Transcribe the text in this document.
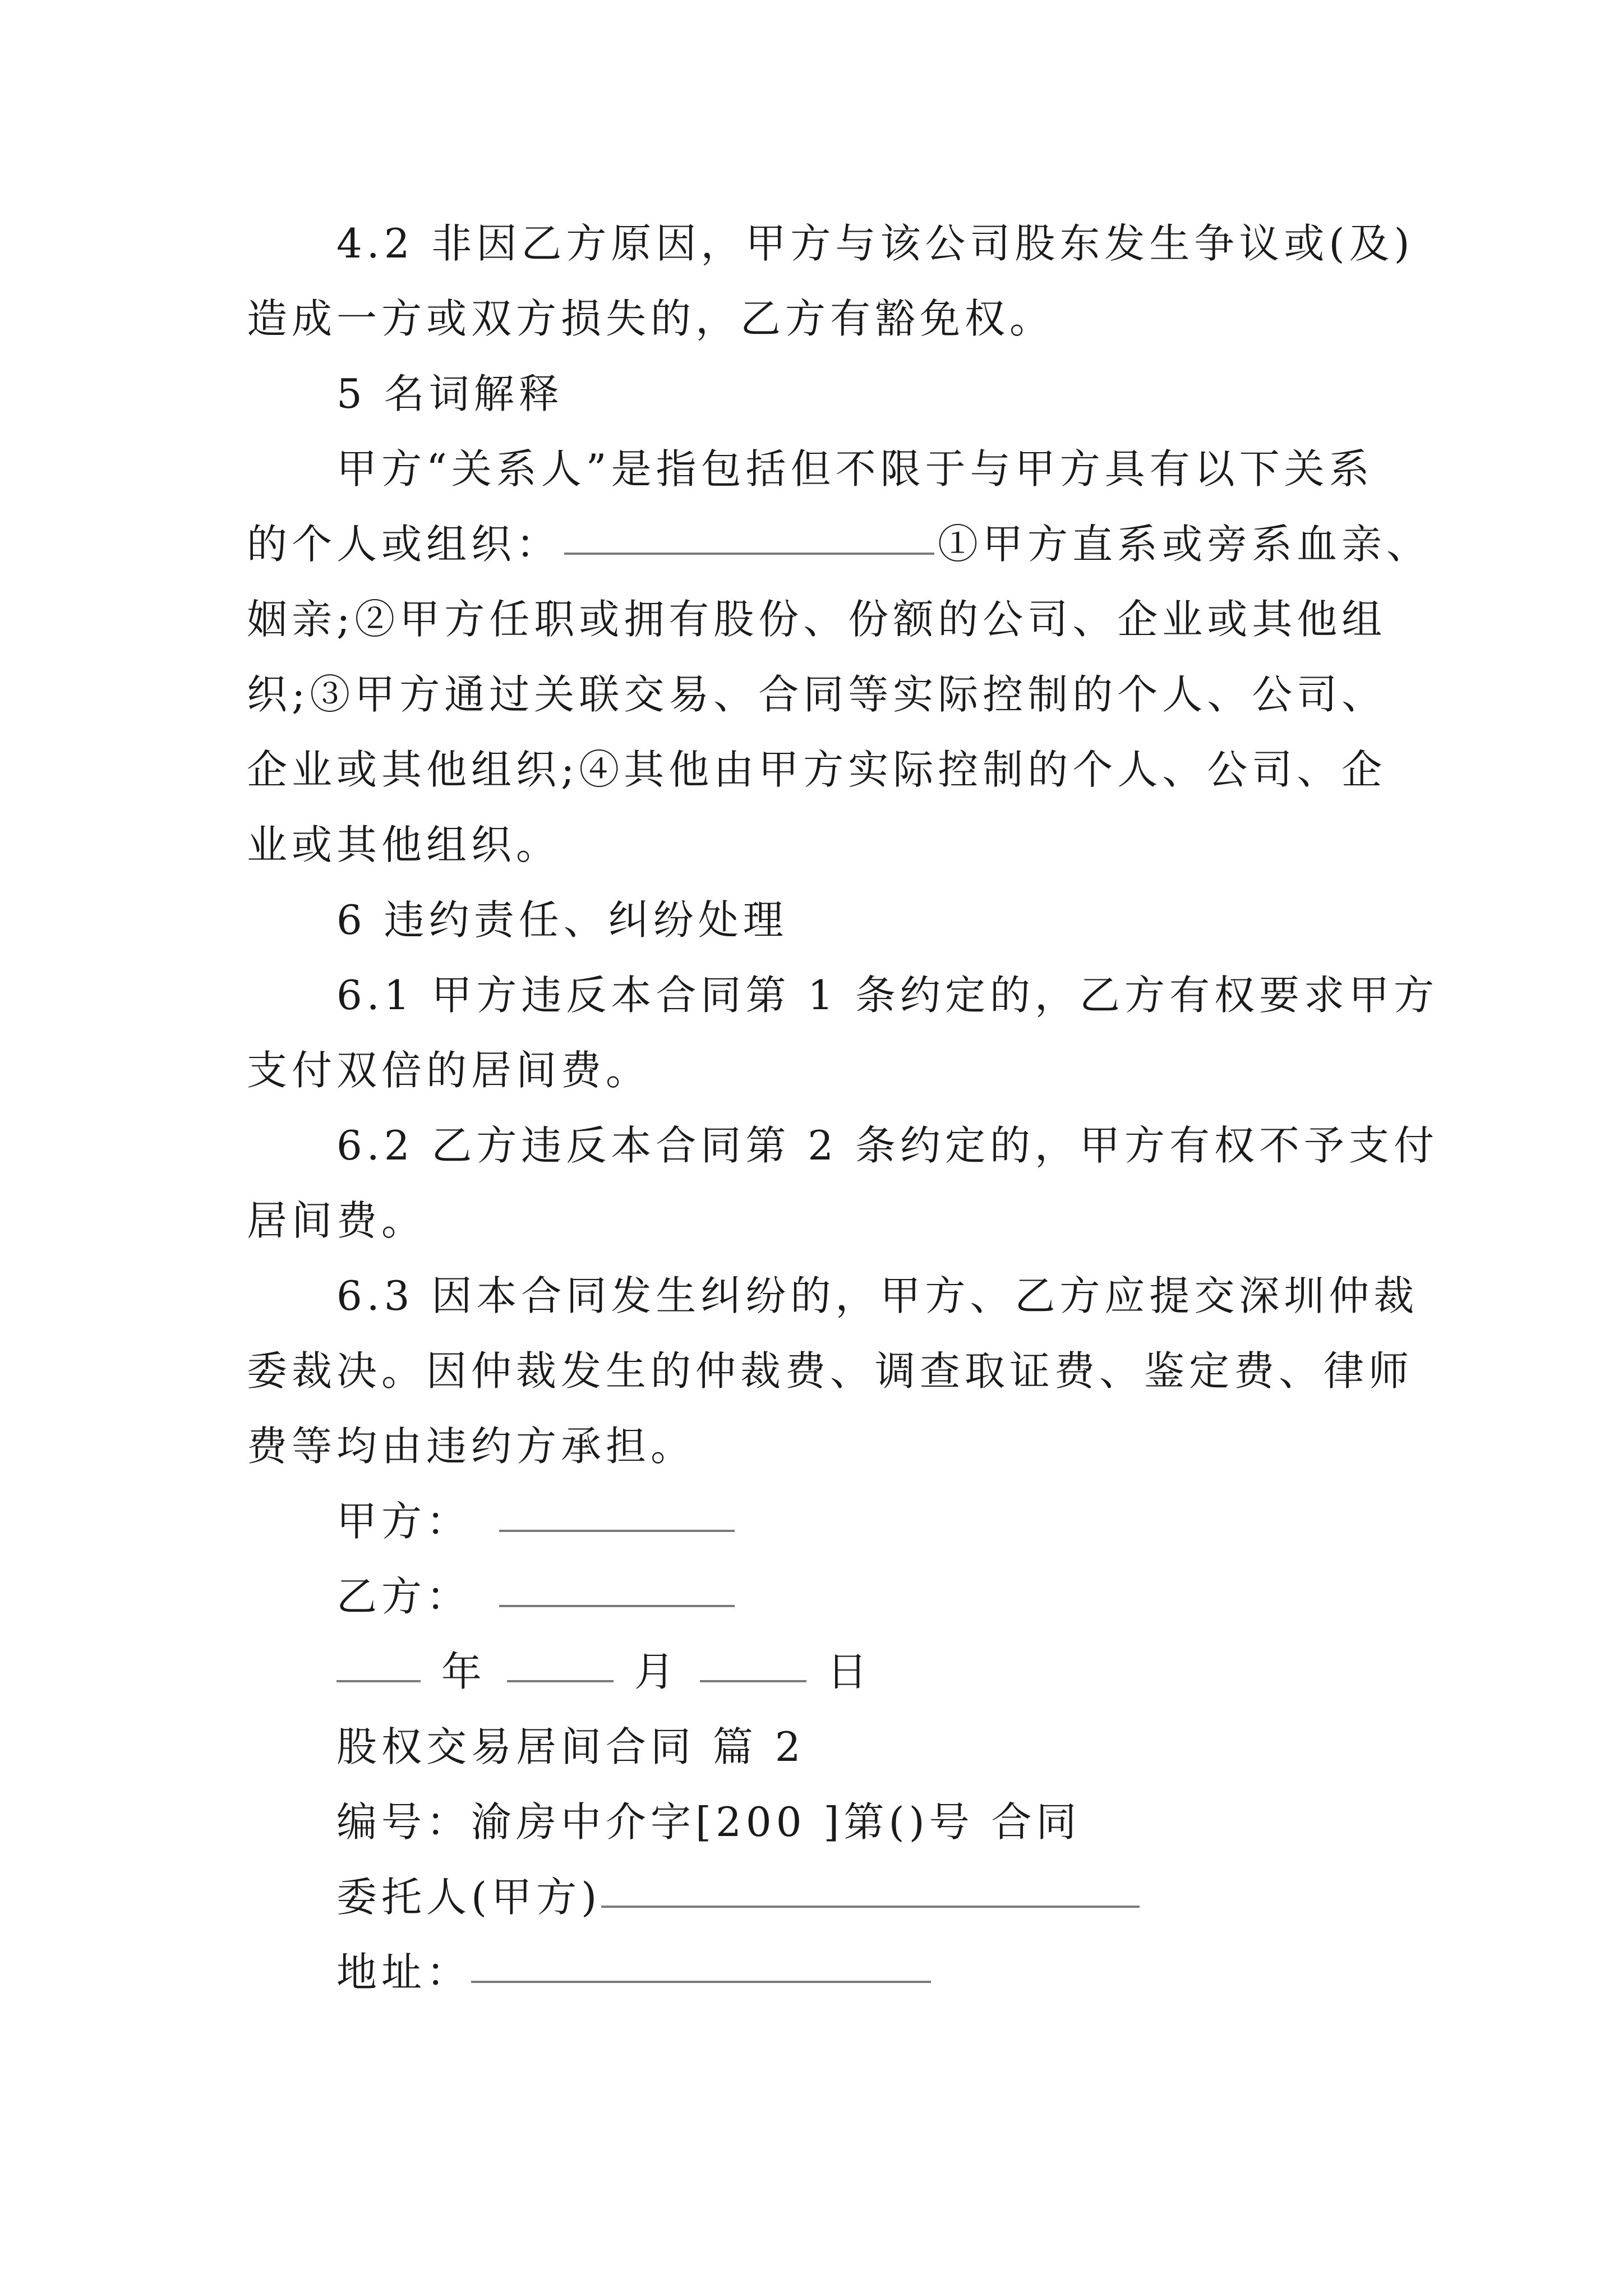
4.2 非因乙方原因，甲方与该公司股东发生争议或(及)
造成一方或双方损失的，乙方有豁免权。
5 名词解释
甲方“关系人”是指包括但不限于与甲方具有以下关系
的个人或组织：	①甲方直系或旁系血亲、
姻亲;②甲方任职或拥有股份、份额的公司、企业或其他组
织;③甲方通过关联交易、合同等实际控制的个人、公司、
企业或其他组织;④其他由甲方实际控制的个人、公司、企
业或其他组织。
6 违约责任、纠纷处理
6.1 甲方违反本合同第 1 条约定的，乙方有权要求甲方
支付双倍的居间费。
6.2 乙方违反本合同第 2 条约定的，甲方有权不予支付
居间费。
6.3 因本合同发生纠纷的，甲方、乙方应提交深圳仲裁
委裁决。因仲裁发生的仲裁费、调查取证费、鉴定费、律师
费等均由违约方承担。
甲方：
乙方：
年	月	日
股权交易居间合同 篇 2
编号：渝房中介字[200 ]第()号 合同
委托人(甲方)
地址：
